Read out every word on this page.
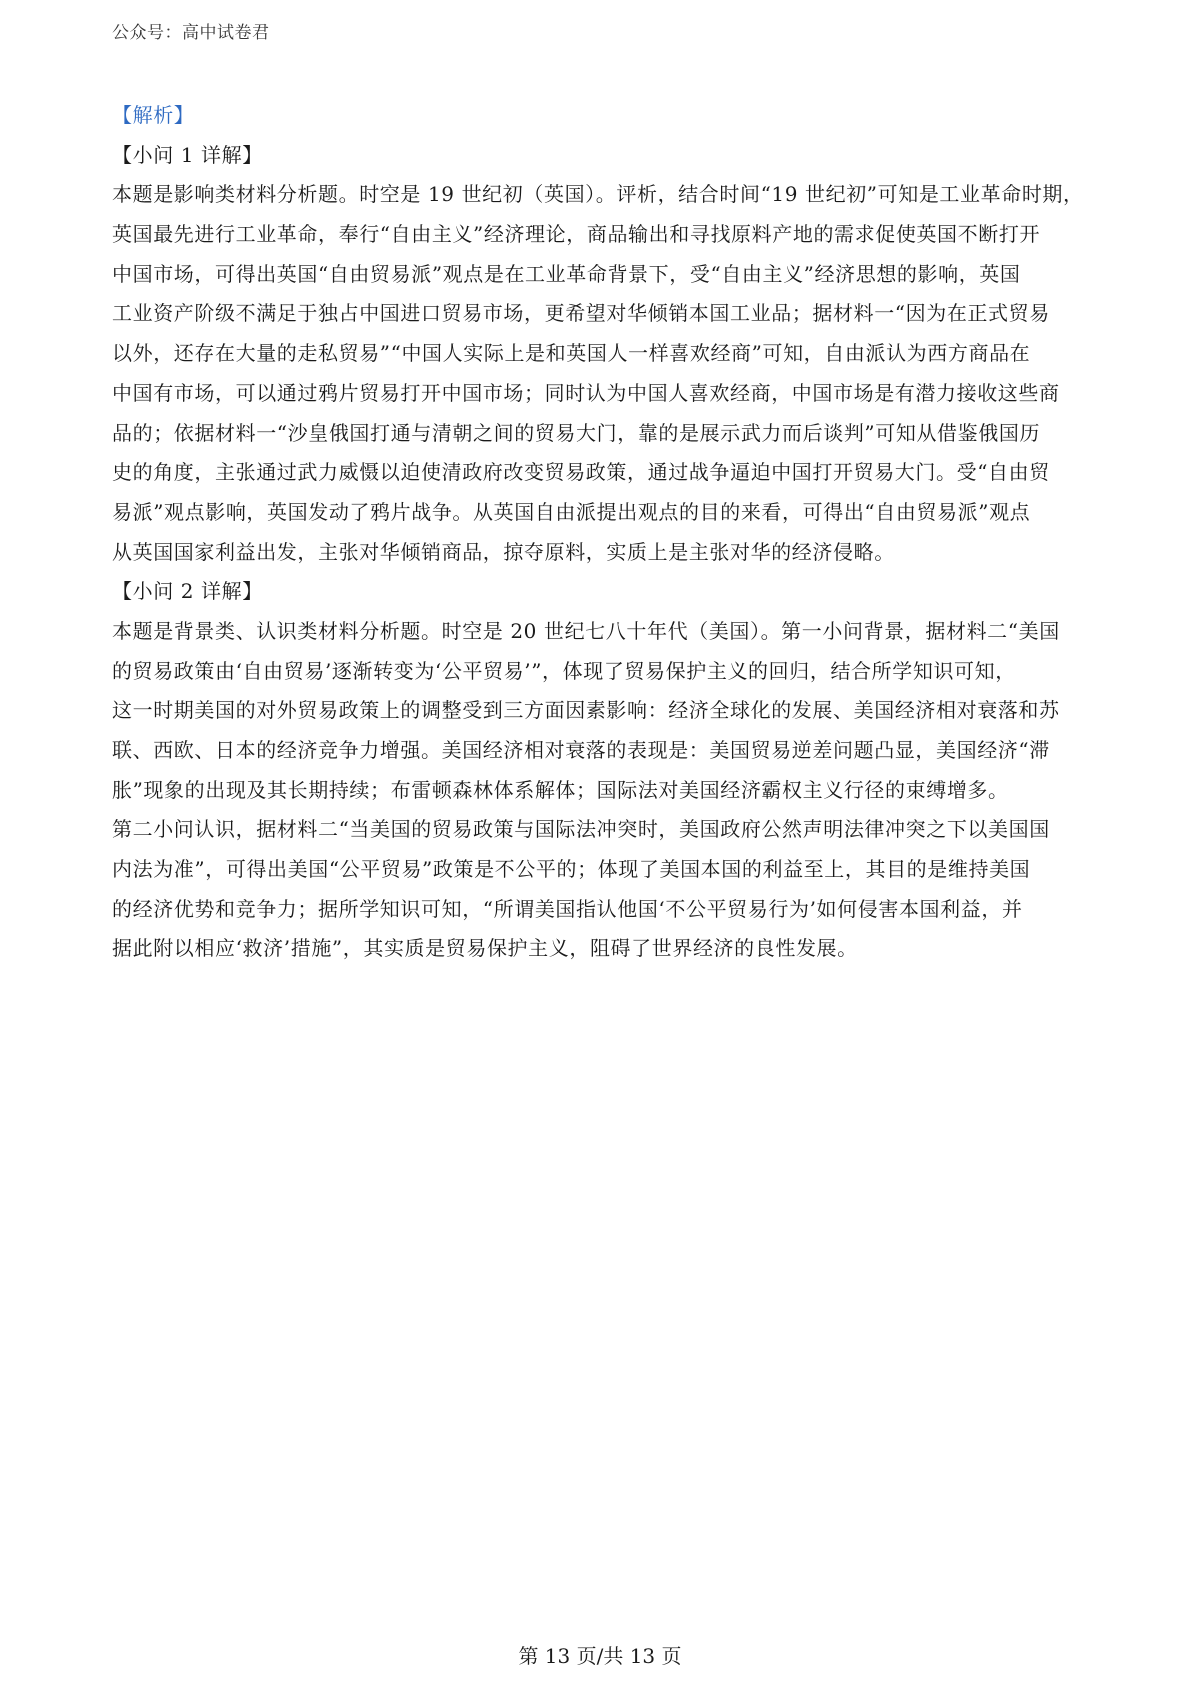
公众号：高中试卷君
【解析】
【小问 1 详解】
本题是影响类材料分析题。时空是 19 世纪初（英国）。评析，结合时间“19 世纪初”可知是工业革命时期，
英国最先进行工业革命，奉行“自由主义”经济理论，商品输出和寻找原料产地的需求促使英国不断打开
中国市场，可得出英国“自由贸易派”观点是在工业革命背景下，受“自由主义”经济思想的影响，英国
工业资产阶级不满足于独占中国进口贸易市场，更希望对华倾销本国工业品；据材料一“因为在正式贸易
以外，还存在大量的走私贸易”“中国人实际上是和英国人一样喜欢经商”可知，自由派认为西方商品在
中国有市场，可以通过鸦片贸易打开中国市场；同时认为中国人喜欢经商，中国市场是有潜力接收这些商
品的；依据材料一“沙皇俄国打通与清朝之间的贸易大门，靠的是展示武力而后谈判”可知从借鉴俄国历
史的角度，主张通过武力威慑以迫使清政府改变贸易政策，通过战争逼迫中国打开贸易大门。受“自由贸
易派”观点影响，英国发动了鸦片战争。从英国自由派提出观点的目的来看，可得出“自由贸易派”观点
从英国国家利益出发，主张对华倾销商品，掠夺原料，实质上是主张对华的经济侵略。
【小问 2 详解】
本题是背景类、认识类材料分析题。时空是 20 世纪七八十年代（美国）。第一小问背景，据材料二“美国
的贸易政策由‘自由贸易’逐渐转变为‘公平贸易’”，体现了贸易保护主义的回归，结合所学知识可知，
这一时期美国的对外贸易政策上的调整受到三方面因素影响：经济全球化的发展、美国经济相对衰落和苏
联、西欧、日本的经济竞争力增强。美国经济相对衰落的表现是：美国贸易逆差问题凸显，美国经济“滞
胀”现象的出现及其长期持续；布雷顿森林体系解体；国际法对美国经济霸权主义行径的束缚增多。
第二小问认识，据材料二“当美国的贸易政策与国际法冲突时，美国政府公然声明法律冲突之下以美国国
内法为准”，可得出美国“公平贸易”政策是不公平的；体现了美国本国的利益至上，其目的是维持美国
的经济优势和竞争力；据所学知识可知，“所谓美国指认他国‘不公平贸易行为’如何侵害本国利益，并
据此附以相应‘救济’措施”，其实质是贸易保护主义，阻碍了世界经济的良性发展。
第 13 页/共 13 页
